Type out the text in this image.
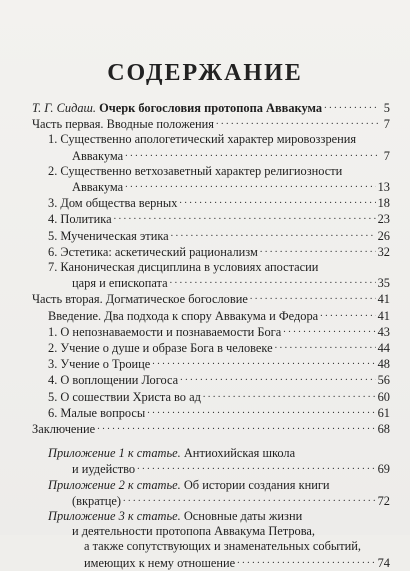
СОДЕРЖАНИЕ
Т. Г. Сидаш. Очерк богословия протопопа Аввакума . . .	5
Часть первая. Вводные положения . . .	7
1. Существенно апологетический характер мировоззрения
Аввакума . . .	7
2. Существенно ветхозаветный характер религиозности
Аввакума . . .	13
3. Дом общества верных . . .	18
4. Политика . . .	23
5. Мученическая этика . . .	26
6. Эстетика: аскетический рационализм . . .	32
7. Каноническая дисциплина в условиях апостасии
царя и епископата . . .	35
Часть вторая. Догматическое богословие . . .	41
Введение. Два подхода к спору Аввакума и Федора . . .	41
1. О непознаваемости и познаваемости Бога . . .	43
2. Учение о душе и образе Бога в человеке . . .	44
3. Учение о Троице . . .	48
4. О воплощении Логоса . . .	56
5. О сошествии Христа во ад . . .	60
6. Малые вопросы . . .	61
Заключение . . .	68
Приложение 1 к статье. Антиохийская школа
и иудейство . . .	69
Приложение 2 к статье. Об истории создания книги
(вкратце) . . .	72
Приложение 3 к статье. Основные даты жизни
и деятельности протопопа Аввакума Петрова,
а также сопутствующих и знаменательных событий,
имеющих к нему отношение . . .	74
